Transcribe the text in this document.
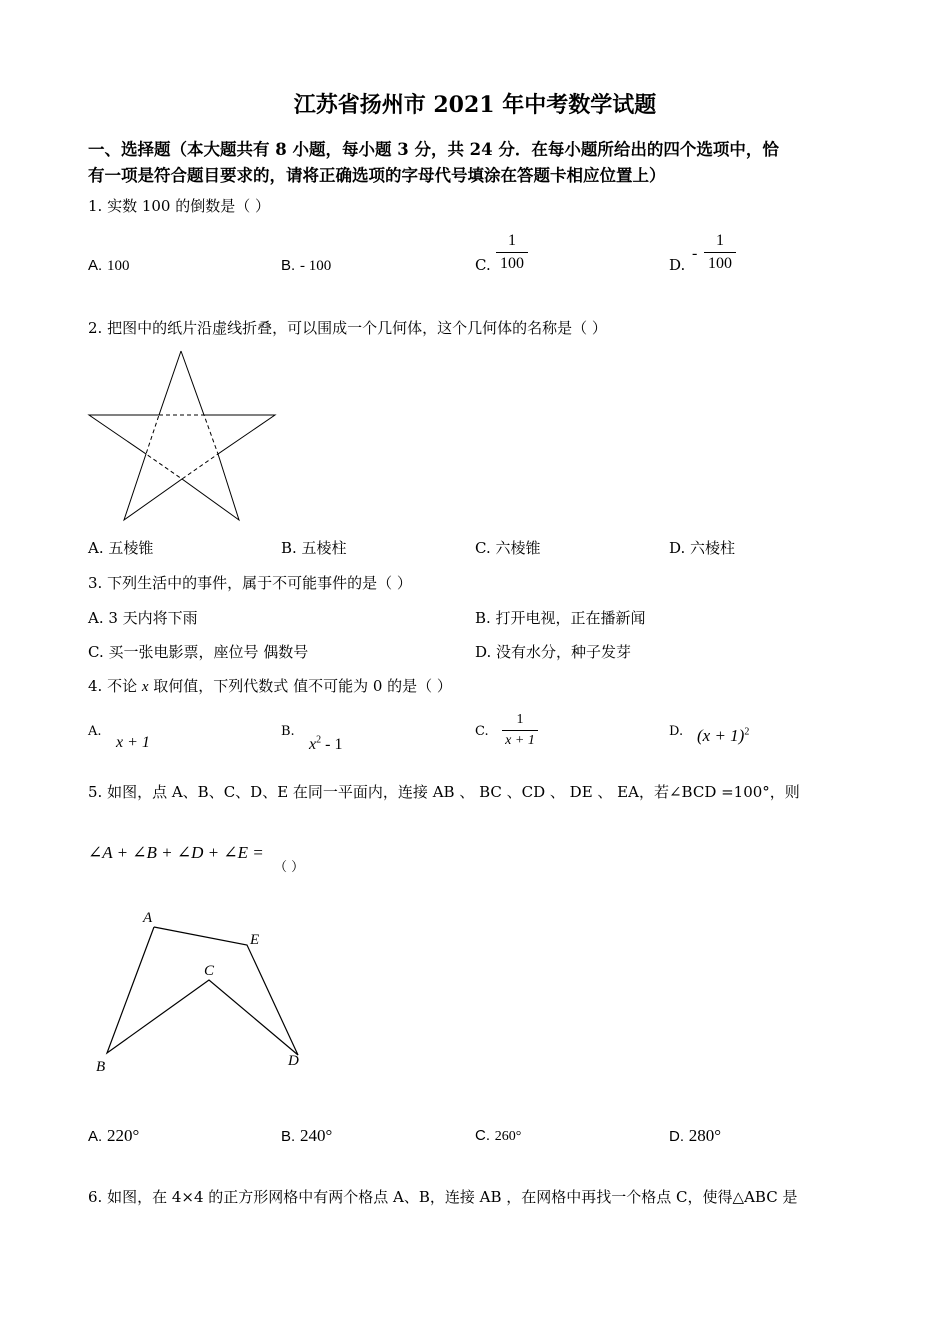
江苏省扬州市 2021 年中考数学试题
一、选择题（本大题共有 8 小题，每小题 3 分，共 24 分．在每小题所给出的四个选项中，恰
有一项是符合题目要求的，请将正确选项的字母代号填涂在答题卡相应位置上）
1. 实数 100 的倒数是（ ）
A. 100	B. - 100	C.
1
100	D.
-
1
100
2. 把图中的纸片沿虚线折叠，可以围成一个几何体，这个几何体的名称是（ ）
A. 五棱锥	B. 五棱柱	C. 六棱锥	D. 六棱柱
3. 下列生活中的事件，属于不可能事件的是（ ）
A. 3 天内将下雨	B. 打开电视，正在播新闻
C. 买一张电影票，座位号 偶数号	D. 没有水分，种子发芽
4. 不论 x 取何值，下列代数式 值不可能为 0 的是（ ）
A.
x + 1
B.
$x^2 - 1$
C.
1
x + 1
D. $(x + 1)^2$
5. 如图，点 A、B、C、D、E 在同一平面内，连接 AB 、 BC 、CD 、 DE 、 EA，若∠BCD =100°，则
∠A + ∠B + ∠D + ∠E =
（ ）
A
E
C
D
B
A. 220°	B. 240°	C. 260°	D. 280°
6. 如图，在 4×4 的正方形网格中有两个格点 A、B，连接 AB ，在网格中再找一个格点 C，使得△ABC 是
